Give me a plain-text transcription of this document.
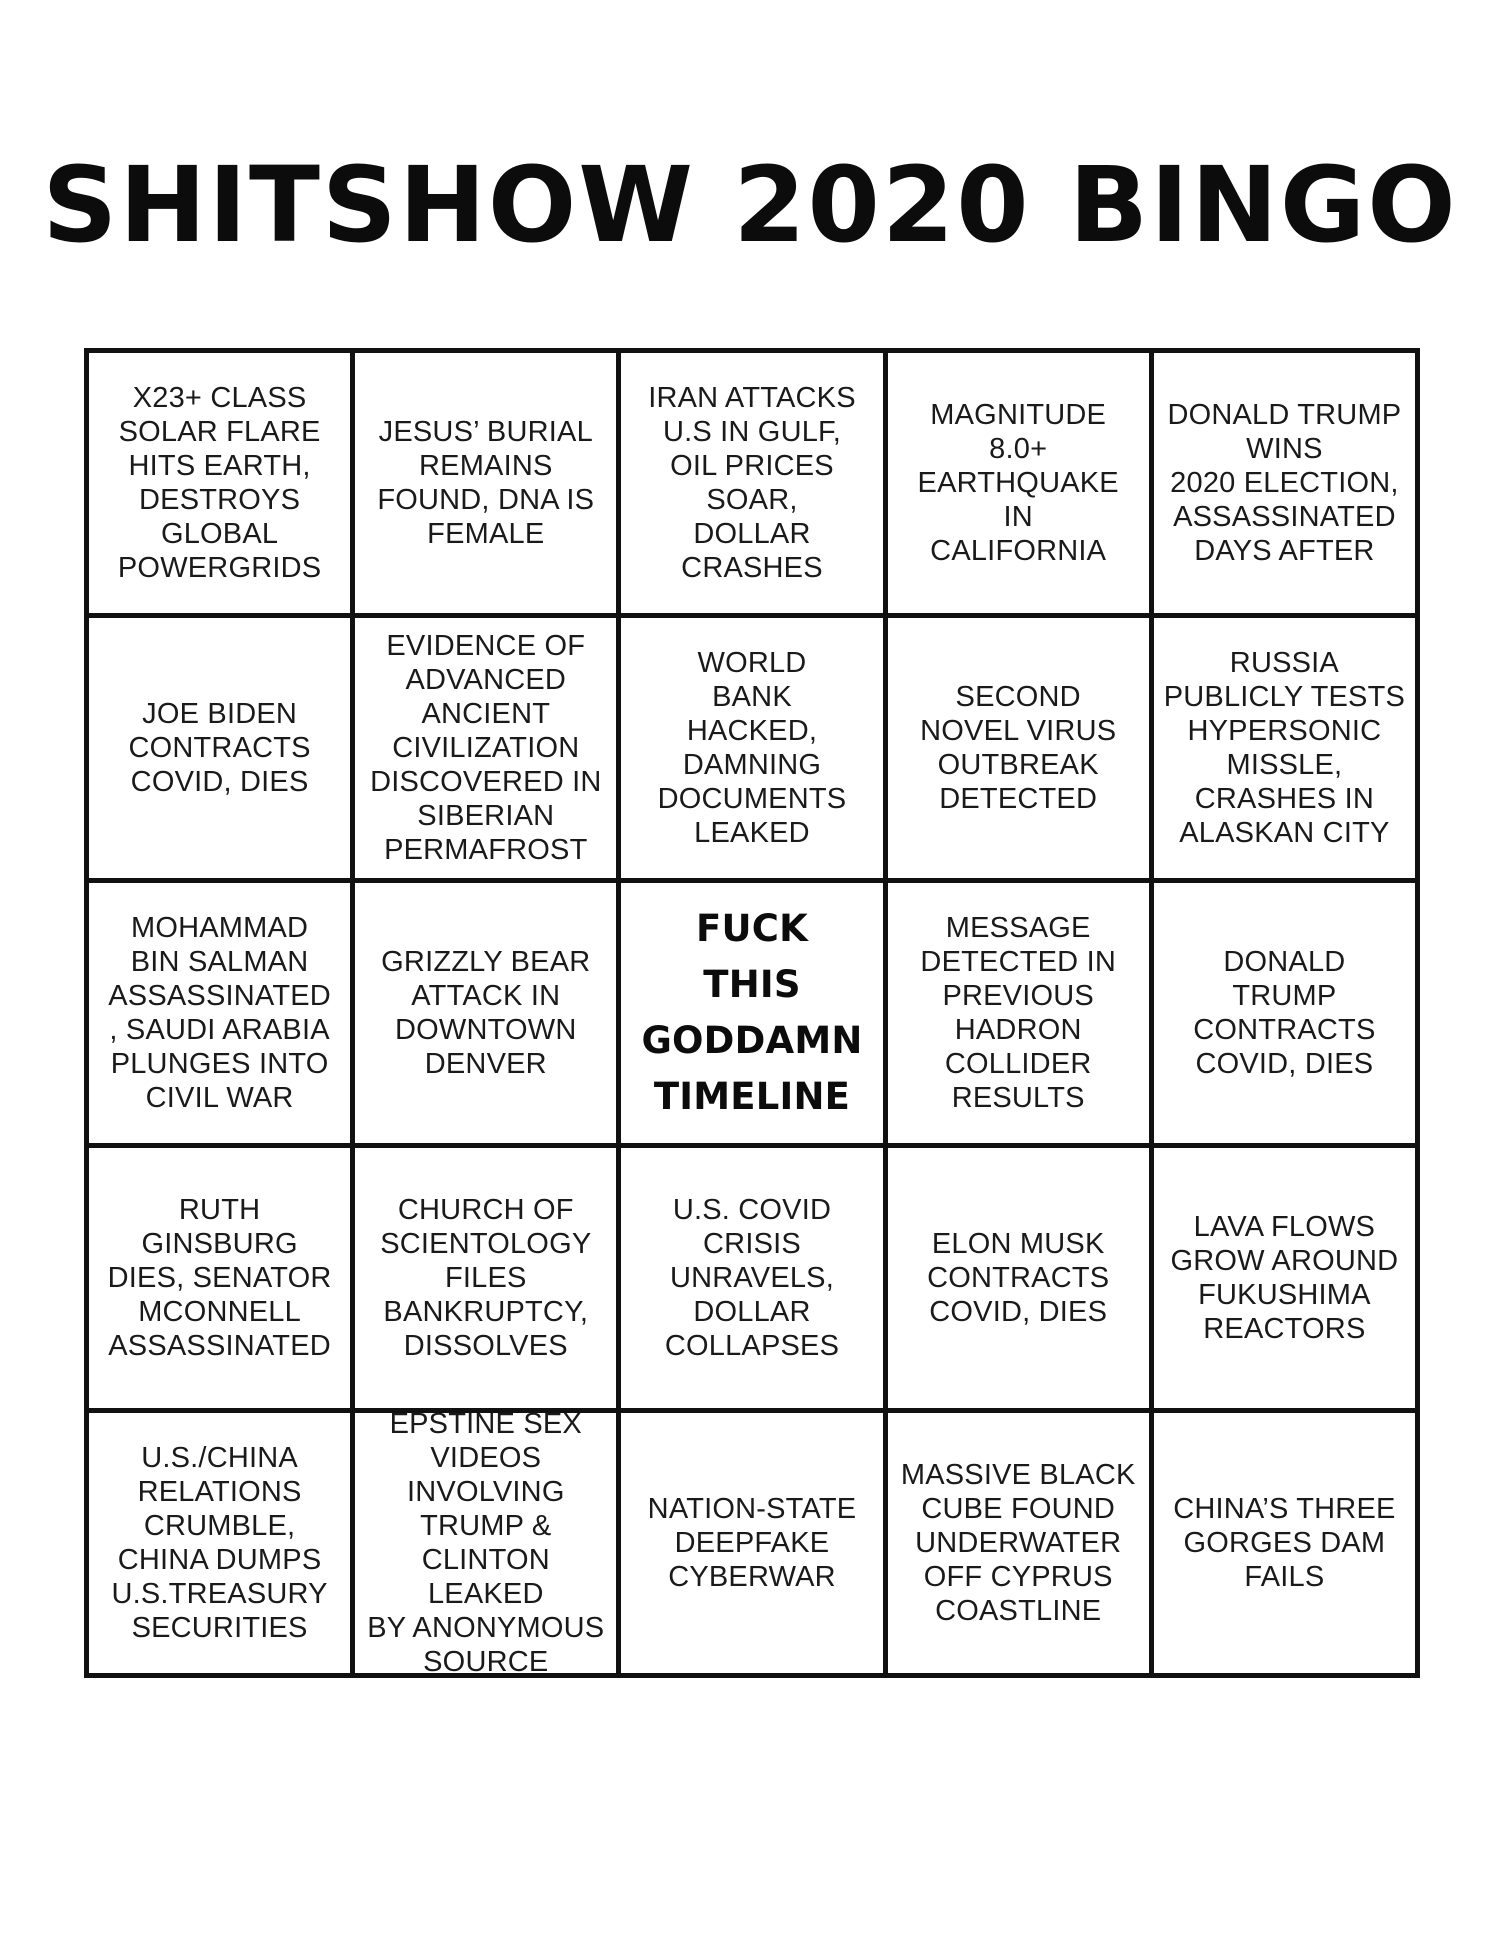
SHITSHOW 2020 BINGO
X23+ CLASS
SOLAR FLARE
HITS EARTH,
DESTROYS
GLOBAL
POWERGRIDS
JESUS’ BURIAL
REMAINS
FOUND, DNA IS
FEMALE
IRAN ATTACKS
U.S IN GULF,
OIL PRICES
SOAR,
DOLLAR
CRASHES
MAGNITUDE
8.0+
EARTHQUAKE
IN
CALIFORNIA
DONALD TRUMP
WINS
2020 ELECTION,
ASSASSINATED
DAYS AFTER
JOE BIDEN
CONTRACTS
COVID, DIES
EVIDENCE OF
ADVANCED
ANCIENT
CIVILIZATION
DISCOVERED IN
SIBERIAN
PERMAFROST
WORLD
BANK
HACKED,
DAMNING
DOCUMENTS
LEAKED
SECOND
NOVEL VIRUS
OUTBREAK
DETECTED
RUSSIA
PUBLICLY TESTS
HYPERSONIC
MISSLE,
CRASHES IN
ALASKAN CITY
MOHAMMAD
BIN SALMAN
ASSASSINATED
, SAUDI ARABIA
PLUNGES INTO
CIVIL WAR
GRIZZLY BEAR
ATTACK IN
DOWNTOWN
DENVER
FUCK
THIS
GODDAMN
TIMELINE
MESSAGE
DETECTED IN
PREVIOUS
HADRON
COLLIDER
RESULTS
DONALD
TRUMP
CONTRACTS
COVID, DIES
RUTH
GINSBURG
DIES, SENATOR
MCONNELL
ASSASSINATED
CHURCH OF
SCIENTOLOGY
FILES
BANKRUPTCY,
DISSOLVES
U.S. COVID
CRISIS
UNRAVELS,
DOLLAR
COLLAPSES
ELON MUSK
CONTRACTS
COVID, DIES
LAVA FLOWS
GROW AROUND
FUKUSHIMA
REACTORS
U.S./CHINA
RELATIONS
CRUMBLE,
CHINA DUMPS
U.S.TREASURY
SECURITIES
EPSTINE SEX
VIDEOS
INVOLVING
TRUMP &
CLINTON LEAKED
BY ANONYMOUS
SOURCE
NATION-STATE
DEEPFAKE
CYBERWAR
MASSIVE BLACK
CUBE FOUND
UNDERWATER
OFF CYPRUS
COASTLINE
CHINA’S THREE
GORGES DAM
FAILS
